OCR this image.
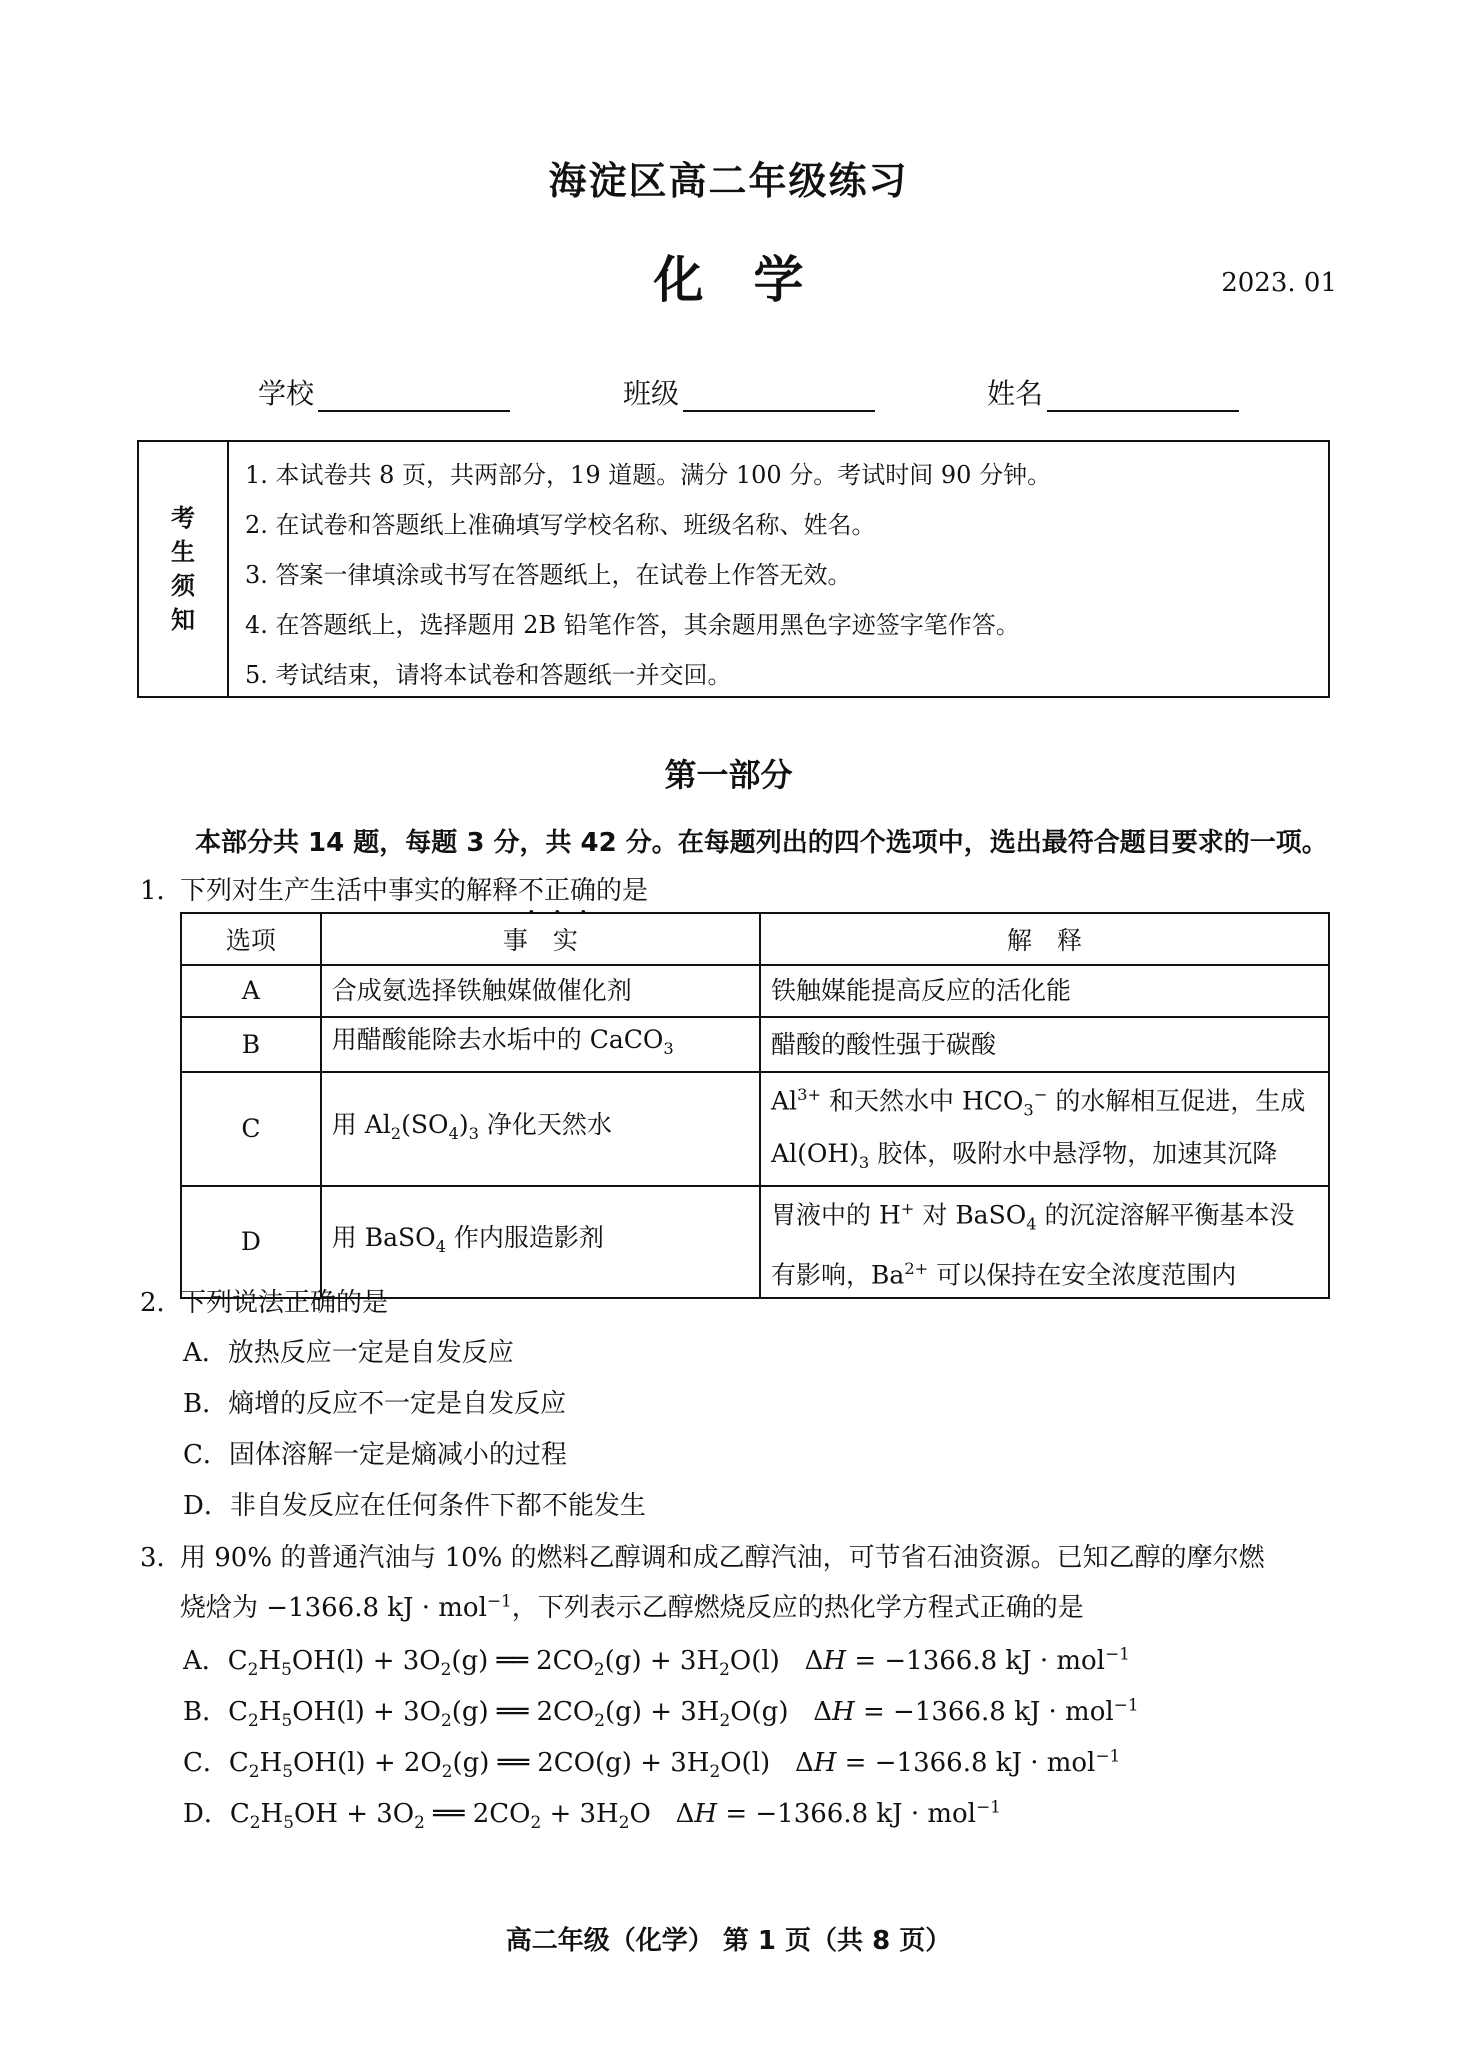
海淀区高二年级练习
化学	2023. 01
学校	班级	姓名
考
生
须
知
1. 本试卷共 8 页，共两部分，19 道题。满分 100 分。考试时间 90 分钟。
2. 在试卷和答题纸上准确填写学校名称、班级名称、姓名。
3. 答案一律填涂或书写在答题纸上，在试卷上作答无效。
4. 在答题纸上，选择题用 2B 铅笔作答，其余题用黑色字迹签字笔作答。
5. 考试结束，请将本试卷和答题纸一并交回。
第一部分
本部分共 14 题，每题 3 分，共 42 分。在每题列出的四个选项中，选出最符合题目要求的一项。
1．下列对生产生活中事实的解释不正确的是
选项	事　实	解　释
A	合成氨选择铁触媒做催化剂	铁触媒能提高反应的活化能
B	用醋酸能除去水垢中的 CaCO$_3$	醋酸的酸性强于碳酸
C	用 $Al_2(SO_4)_3$ 净化天然水	$Al^{3+}$ 和天然水中 $HCO_3^-$ 的水解相互促进，生成 $Al(OH)_3$ 胶体，吸附水中悬浮物，加速其沉降
D	用 BaSO$_4$ 作内服造影剂	胃液中的 H+ 对 BaSO$_4$ 的沉淀溶解平衡基本没有影响，$Ba^{2+}$ 可以保持在安全浓度范围内
2．下列说法正确的是
A．放热反应一定是自发反应
B．熵增的反应不一定是自发反应
C．固体溶解一定是熵减小的过程
D．非自发反应在任何条件下都不能发生
3．用 90% 的普通汽油与 10% 的燃料乙醇调和成乙醇汽油，可节省石油资源。已知乙醇的摩尔燃
烧焓为 −1366.8 kJ · mol$^{-1}$，下列表示乙醇燃烧反应的热化学方程式正确的是
A．$C_2H_5OH(l) + 3O_2(g)$ ══ $2CO_2(g) + 3H_2O(l) \Delta H = -1366.8$ kJ · mol$^{-1}$
B．$C_2H_5OH(l) + 3O_2(g)$ ══ $2CO_2(g) + 3H_2O(g) \Delta H = -1366.8$ kJ · mol$^{-1}$
C．$C_2H_5OH(l) + 2O_2(g)$ ══ $2CO(g) + 3H_2O(l) \Delta H = -1366.8$ kJ · mol$^{-1}$
D．$C_2H_5OH + 3O_2$ ══ $2CO_2 + 3H_2O$   ΔH = −1366.8 kJ · mol$^{-1}$
高二年级（化学） 第 1 页（共 8 页）
